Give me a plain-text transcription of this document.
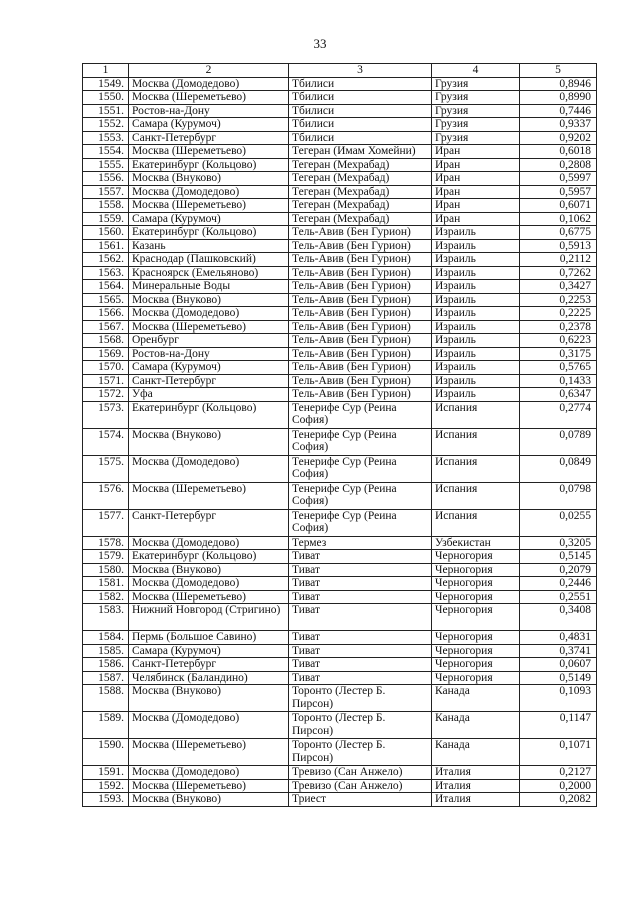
33
1	2	3	4	5
1549.	Москва (Домодедово)	Тбилиси	Грузия	0,8946
1550.	Москва (Шереметьево)	Тбилиси	Грузия	0,8990
1551.	Ростов-на-Дону	Тбилиси	Грузия	0,7446
1552.	Самара (Курумоч)	Тбилиси	Грузия	0,9337
1553.	Санкт-Петербург	Тбилиси	Грузия	0,9202
1554.	Москва (Шереметьево)	Тегеран (Имам Хомейни)	Иран	0,6018
1555.	Екатеринбург (Кольцово)	Тегеран (Мехрабад)	Иран	0,2808
1556.	Москва (Внуково)	Тегеран (Мехрабад)	Иран	0,5997
1557.	Москва (Домодедово)	Тегеран (Мехрабад)	Иран	0,5957
1558.	Москва (Шереметьево)	Тегеран (Мехрабад)	Иран	0,6071
1559.	Самара (Курумоч)	Тегеран (Мехрабад)	Иран	0,1062
1560.	Екатеринбург (Кольцово)	Тель-Авив (Бен Гурион)	Израиль	0,6775
1561.	Казань	Тель-Авив (Бен Гурион)	Израиль	0,5913
1562.	Краснодар (Пашковский)	Тель-Авив (Бен Гурион)	Израиль	0,2112
1563.	Красноярск (Емельяново)	Тель-Авив (Бен Гурион)	Израиль	0,7262
1564.	Минеральные Воды	Тель-Авив (Бен Гурион)	Израиль	0,3427
1565.	Москва (Внуково)	Тель-Авив (Бен Гурион)	Израиль	0,2253
1566.	Москва (Домодедово)	Тель-Авив (Бен Гурион)	Израиль	0,2225
1567.	Москва (Шереметьево)	Тель-Авив (Бен Гурион)	Израиль	0,2378
1568.	Оренбург	Тель-Авив (Бен Гурион)	Израиль	0,6223
1569.	Ростов-на-Дону	Тель-Авив (Бен Гурион)	Израиль	0,3175
1570.	Самара (Курумоч)	Тель-Авив (Бен Гурион)	Израиль	0,5765
1571.	Санкт-Петербург	Тель-Авив (Бен Гурион)	Израиль	0,1433
1572.	Уфа	Тель-Авив (Бен Гурион)	Израиль	0,6347
1573.	Екатеринбург (Кольцово)	Тенерифе Сур (Реина София)	Испания	0,2774
1574.	Москва (Внуково)	Тенерифе Сур (Реина София)	Испания	0,0789
1575.	Москва (Домодедово)	Тенерифе Сур (Реина София)	Испания	0,0849
1576.	Москва (Шереметьево)	Тенерифе Сур (Реина София)	Испания	0,0798
1577.	Санкт-Петербург	Тенерифе Сур (Реина София)	Испания	0,0255
1578.	Москва (Домодедово)	Термез	Узбекистан	0,3205
1579.	Екатеринбург (Кольцово)	Тиват	Черногория	0,5145
1580.	Москва (Внуково)	Тиват	Черногория	0,2079
1581.	Москва (Домодедово)	Тиват	Черногория	0,2446
1582.	Москва (Шереметьево)	Тиват	Черногория	0,2551
1583.	Нижний Новгород (Стригино)	Тиват	Черногория	0,3408
1584.	Пермь (Большое Савино)	Тиват	Черногория	0,4831
1585.	Самара (Курумоч)	Тиват	Черногория	0,3741
1586.	Санкт-Петербург	Тиват	Черногория	0,0607
1587.	Челябинск (Баландино)	Тиват	Черногория	0,5149
1588.	Москва (Внуково)	Торонто (Лестер Б. Пирсон)	Канада	0,1093
1589.	Москва (Домодедово)	Торонто (Лестер Б. Пирсон)	Канада	0,1147
1590.	Москва (Шереметьево)	Торонто (Лестер Б. Пирсон)	Канада	0,1071
1591.	Москва (Домодедово)	Тревизо (Сан Анжело)	Италия	0,2127
1592.	Москва (Шереметьево)	Тревизо (Сан Анжело)	Италия	0,2000
1593.	Москва (Внуково)	Триест	Италия	0,2082
